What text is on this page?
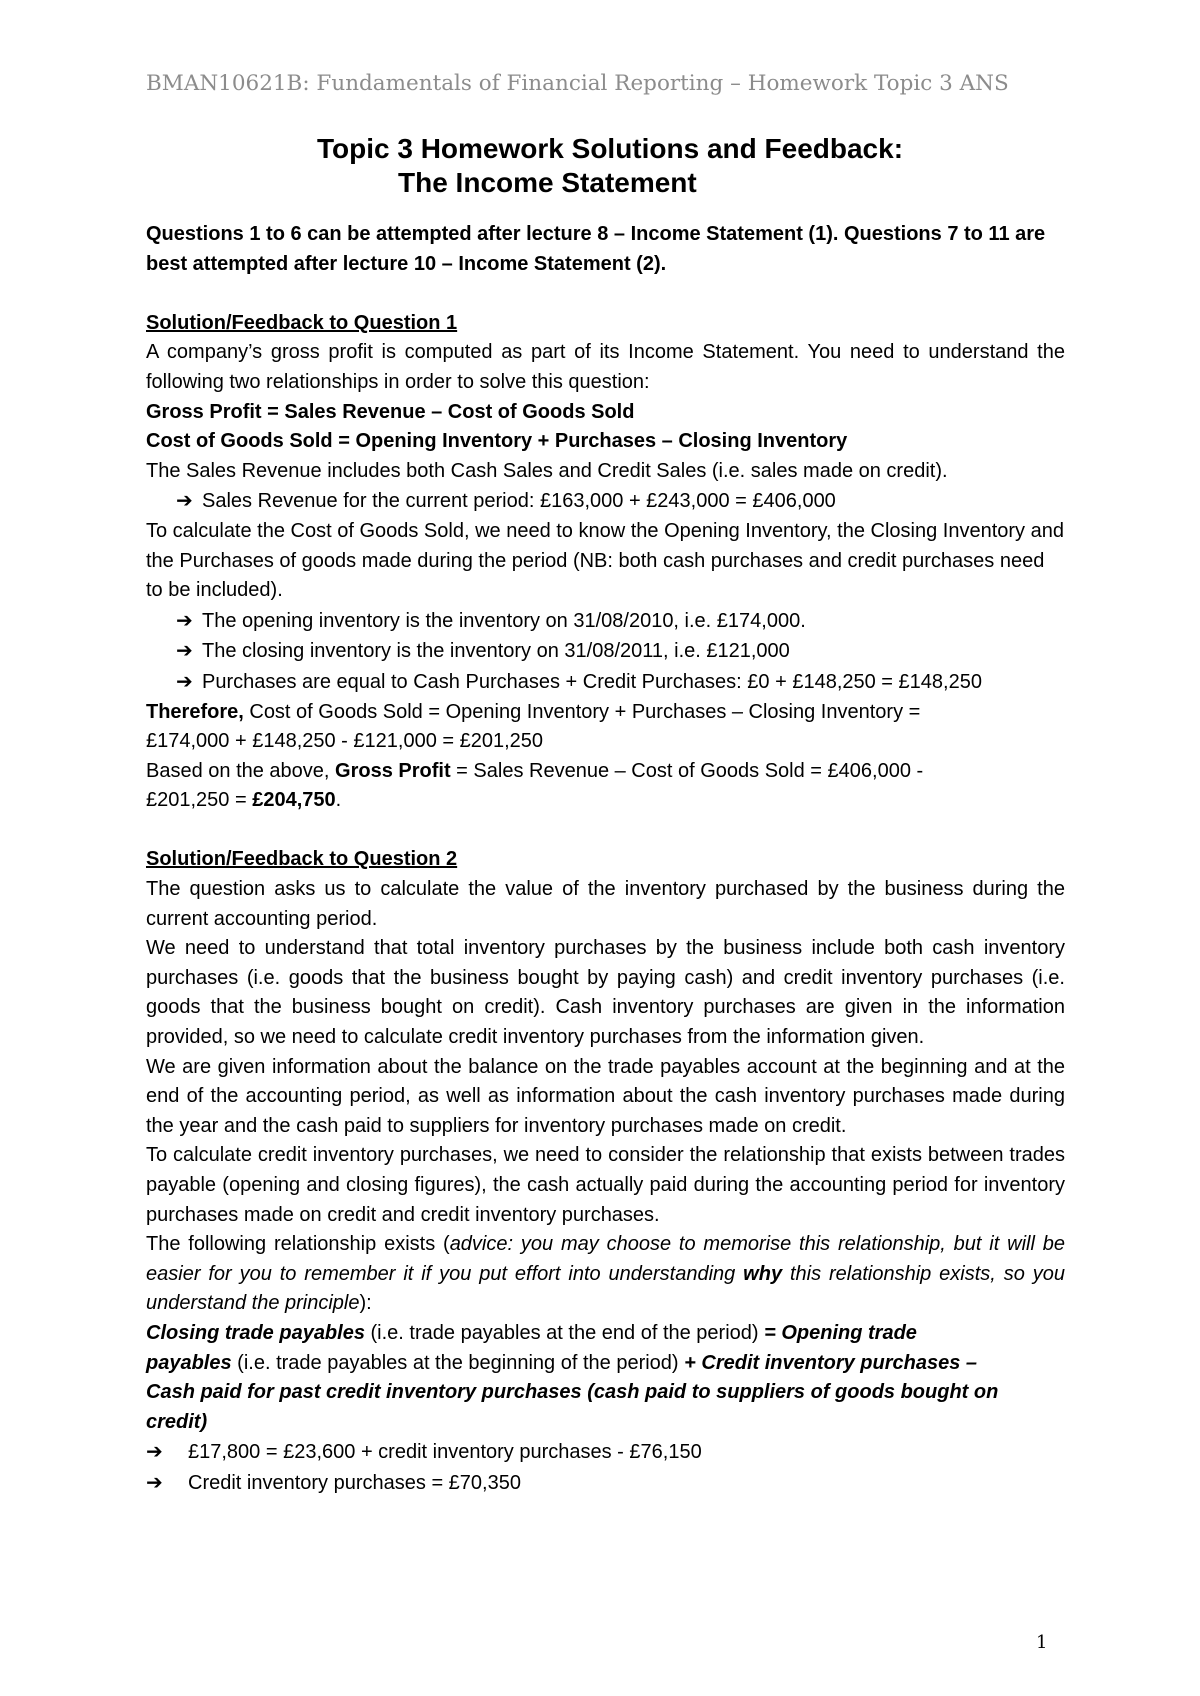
BMAN10621B: Fundamentals of Financial Reporting – Homework Topic 3 ANS
Topic 3 Homework Solutions and Feedback:
The Income Statement

Questions 1 to 6 can be attempted after lecture 8 – Income Statement (1). Questions 7 to 11 are best attempted after lecture 10 – Income Statement (2).

Solution/Feedback to Question 1

A company’s gross profit is computed as part of its Income Statement. You need to understand the following two relationships in order to solve this question:

Gross Profit = Sales Revenue – Cost of Goods Sold

Cost of Goods Sold = Opening Inventory + Purchases – Closing Inventory

The Sales Revenue includes both Cash Sales and Credit Sales (i.e. sales made on credit).

➔ Sales Revenue for the current period: £163,000 + £243,000 = £406,000

To calculate the Cost of Goods Sold, we need to know the Opening Inventory, the Closing Inventory and the Purchases of goods made during the period (NB: both cash purchases and credit purchases need to be included).

➔ The opening inventory is the inventory on 31/08/2010, i.e. £174,000.

➔ The closing inventory is the inventory on 31/08/2011, i.e. £121,000

➔ Purchases are equal to Cash Purchases + Credit Purchases: £0 + £148,250 = £148,250

Therefore, Cost of Goods Sold = Opening Inventory + Purchases – Closing Inventory =

£174,000 + £148,250 - £121,000 = £201,250

Based on the above, Gross Profit = Sales Revenue – Cost of Goods Sold = £406,000 -

£201,250 = £204,750.

Solution/Feedback to Question 2

The question asks us to calculate the value of the inventory purchased by the business during the current accounting period.

We need to understand that total inventory purchases by the business include both cash inventory purchases (i.e. goods that the business bought by paying cash) and credit inventory purchases (i.e. goods that the business bought on credit). Cash inventory purchases are given in the information provided, so we need to calculate credit inventory purchases from the information given.

We are given information about the balance on the trade payables account at the beginning and at the end of the accounting period, as well as information about the cash inventory purchases made during the year and the cash paid to suppliers for inventory purchases made on credit.

To calculate credit inventory purchases, we need to consider the relationship that exists between trades payable (opening and closing figures), the cash actually paid during the accounting period for inventory purchases made on credit and credit inventory purchases.

The following relationship exists (advice: you may choose to memorise this relationship, but it will be easier for you to remember it if you put effort into understanding why this relationship exists, so you understand the principle):

Closing trade payables (i.e. trade payables at the end of the period) = Opening trade

payables (i.e. trade payables at the beginning of the period) + Credit inventory purchases –

Cash paid for past credit inventory purchases (cash paid to suppliers of goods bought on

credit)

➔ £17,800 = £23,600 + credit inventory purchases - £76,150

➔ Credit inventory purchases = £70,350

1
